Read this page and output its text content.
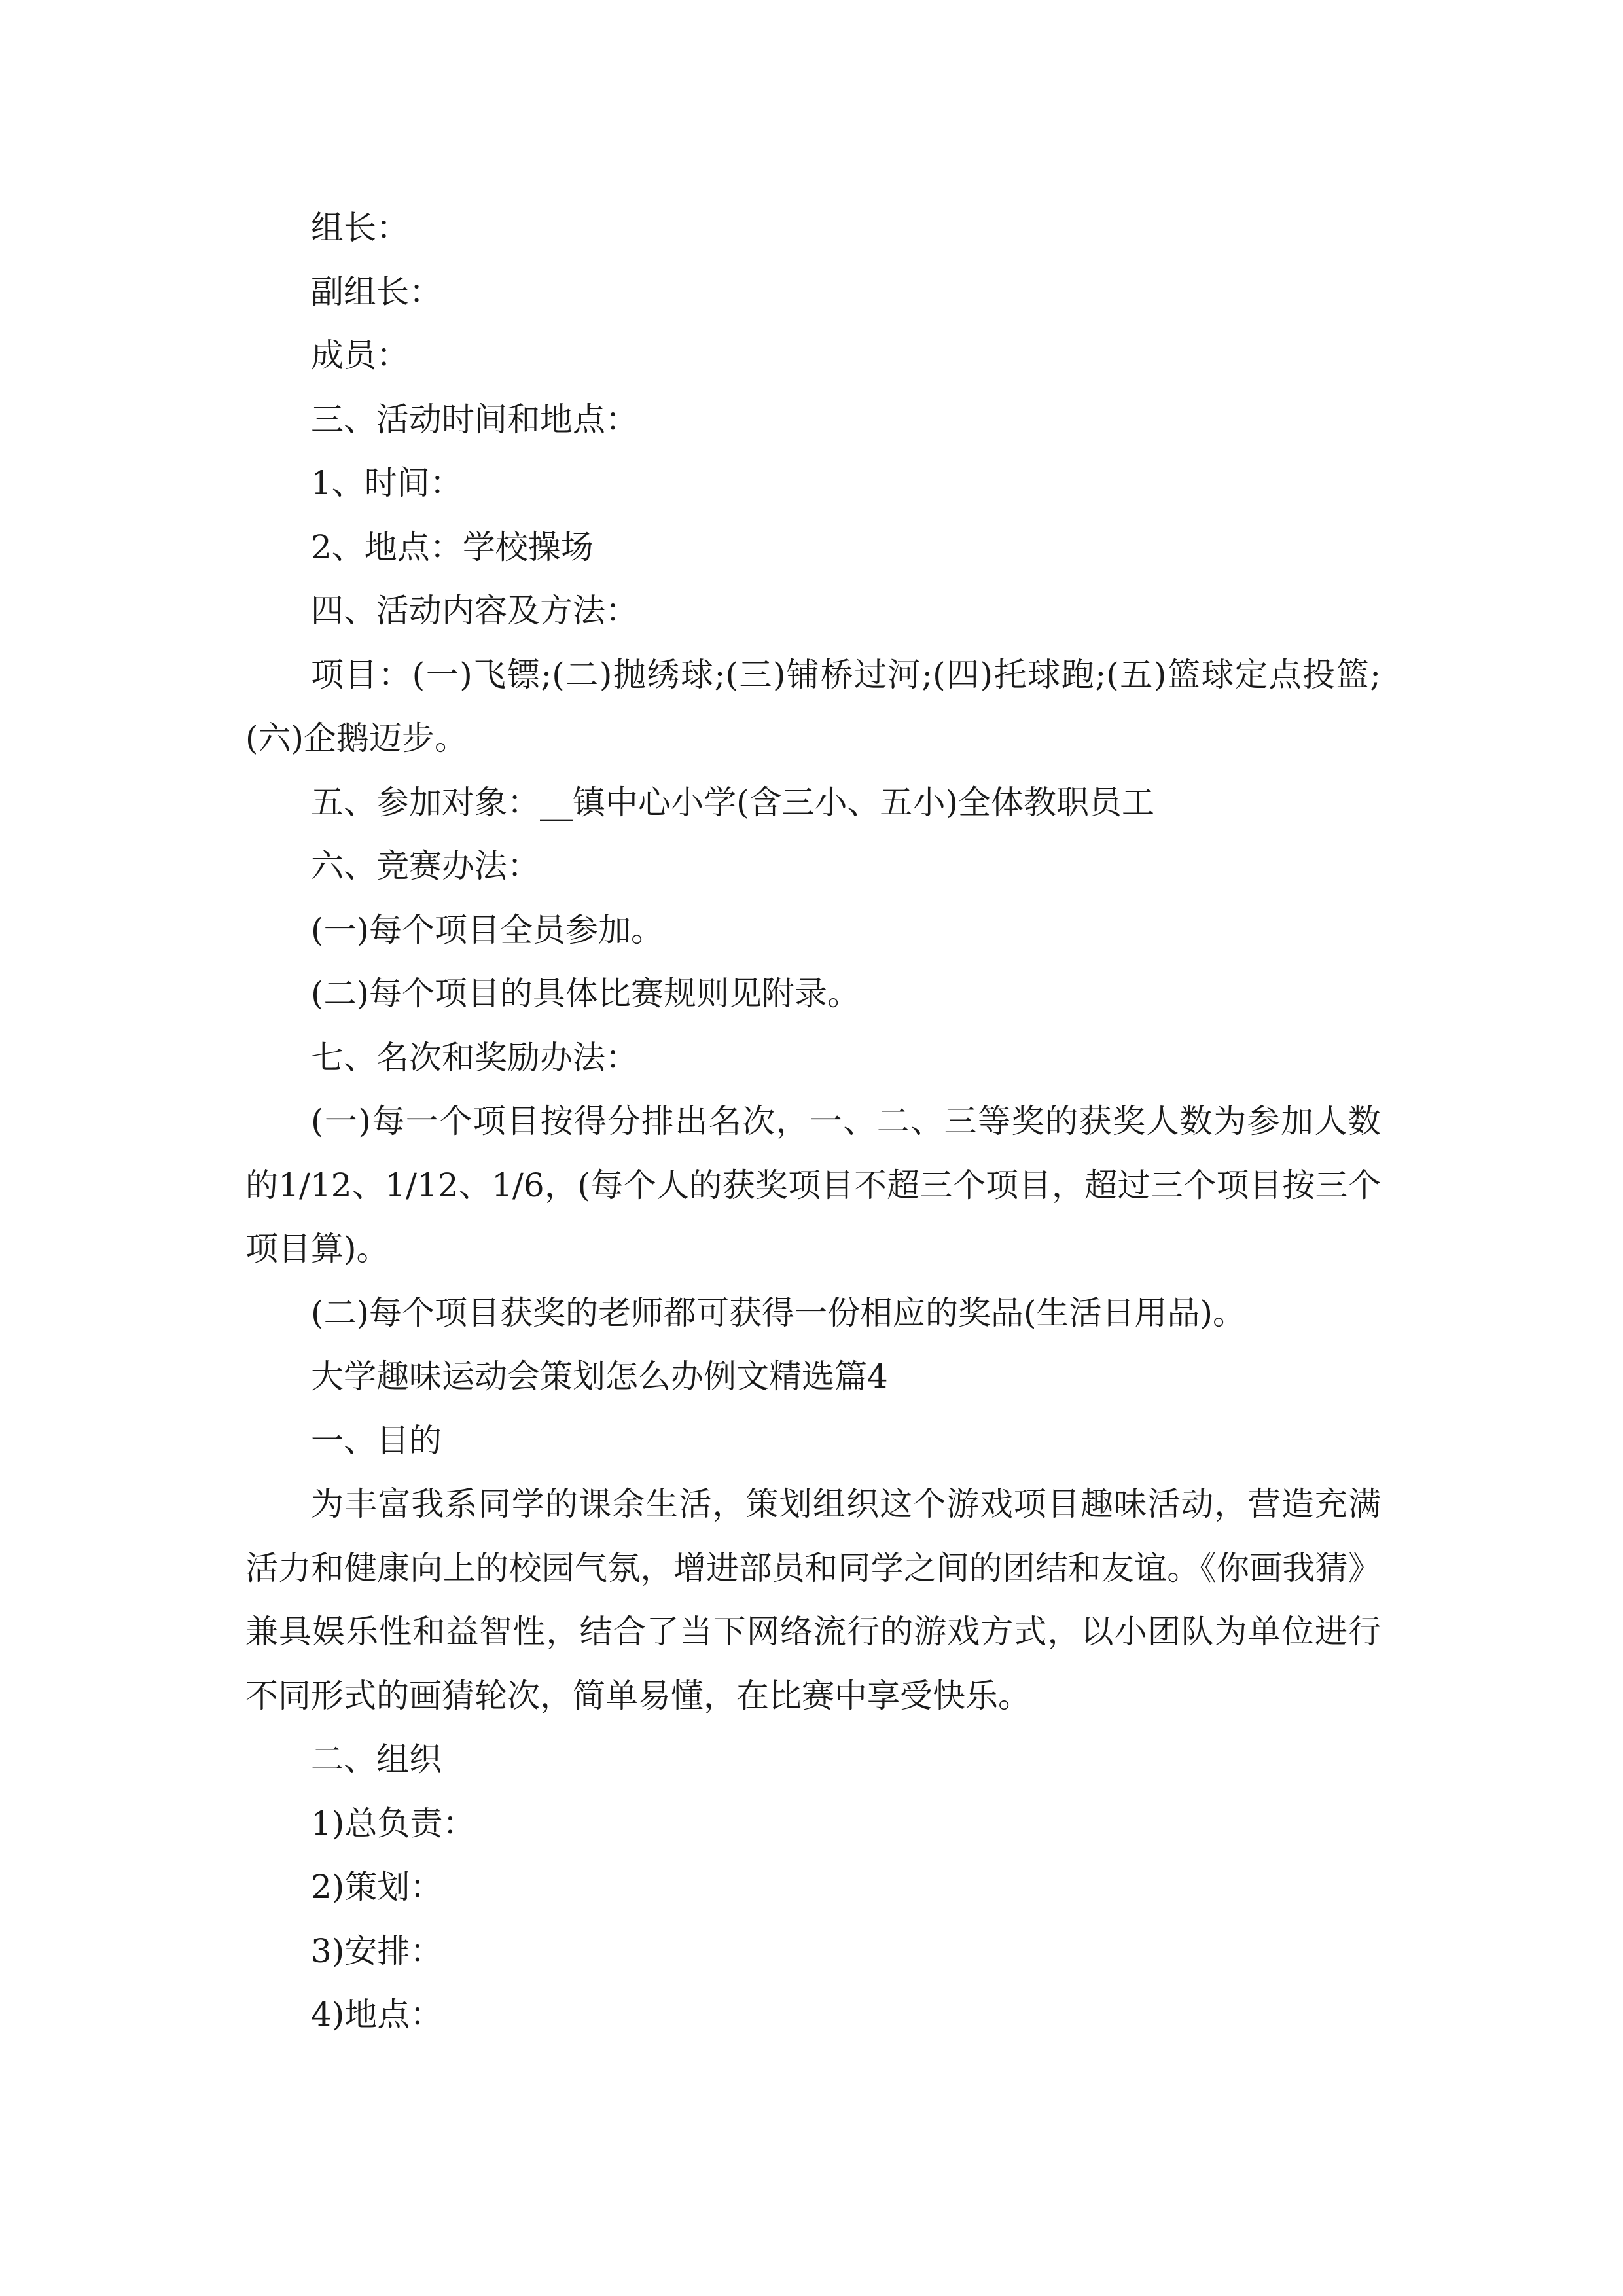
组长：

副组长：

成员：

三、活动时间和地点：

1、时间：

2、地点：学校操场

四、活动内容及方法：

项目：(一)飞镖;(二)抛绣球;(三)铺桥过河;(四)托球跑;(五)篮球定点投篮;(六)企鹅迈步。

五、参加对象：__镇中心小学(含三小、五小)全体教职员工

六、竞赛办法：

(一)每个项目全员参加。

(二)每个项目的具体比赛规则见附录。

七、名次和奖励办法：

(一)每一个项目按得分排出名次，一、二、三等奖的获奖人数为参加人数的1/12、1/12、1/6，(每个人的获奖项目不超三个项目，超过三个项目按三个项目算)。

(二)每个项目获奖的老师都可获得一份相应的奖品(生活日用品)。

大学趣味运动会策划怎么办例文精选篇4

一、目的

为丰富我系同学的课余生活，策划组织这个游戏项目趣味活动，营造充满活力和健康向上的校园气氛，增进部员和同学之间的团结和友谊。《你画我猜》兼具娱乐性和益智性，结合了当下网络流行的游戏方式，以小团队为单位进行不同形式的画猜轮次，简单易懂，在比赛中享受快乐。

二、组织

1)总负责：

2)策划：

3)安排：

4)地点：
